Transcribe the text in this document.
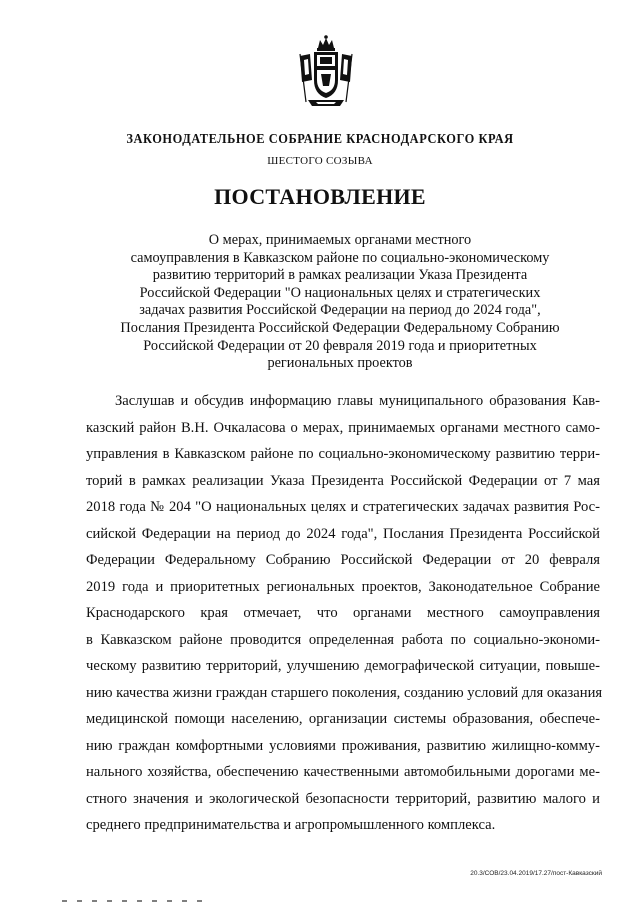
ЗАКОНОДАТЕЛЬНОЕ СОБРАНИЕ КРАСНОДАРСКОГО КРАЯ
ШЕСТОГО СОЗЫВА
ПОСТАНОВЛЕНИЕ
О мерах, принимаемых органами местного
самоуправления в Кавказском районе по социально-экономическому
развитию территорий в рамках реализации Указа Президента
Российской Федерации "О национальных целях и стратегических
задачах развития Российской Федерации на период до 2024 года",
Послания Президента Российской Федерации Федеральному Собранию
Российской Федерации от 20 февраля 2019 года и приоритетных
региональных проектов
Заслушав и обсудив информацию главы муниципального образования Кав-
казский район В.Н. Очкаласова о мерах, принимаемых органами местного само-
управления в Кавказском районе по социально-экономическому развитию терри-
торий в рамках реализации Указа Президента Российской Федерации от 7 мая
2018 года № 204 "О национальных целях и стратегических задачах развития Рос-
сийской Федерации на период до 2024 года", Послания Президента Российской
Федерации Федеральному Собранию Российской Федерации от 20 февраля
2019 года и приоритетных региональных проектов, Законодательное Собрание
Краснодарского края отмечает, что органами местного самоуправления
в Кавказском районе проводится определенная работа по социально-экономи-
ческому развитию территорий, улучшению демографической ситуации, повыше-
нию качества жизни граждан старшего поколения, созданию условий для оказания
медицинской помощи населению, организации системы образования, обеспече-
нию граждан комфортными условиями проживания, развитию жилищно-комму-
нального хозяйства, обеспечению качественными автомобильными дорогами ме-
стного значения и экологической безопасности территорий, развитию малого и
среднего предпринимательства и агропромышленного комплекса.
20.3/СОВ/23.04.2019/17.27/пост-Кавказский
